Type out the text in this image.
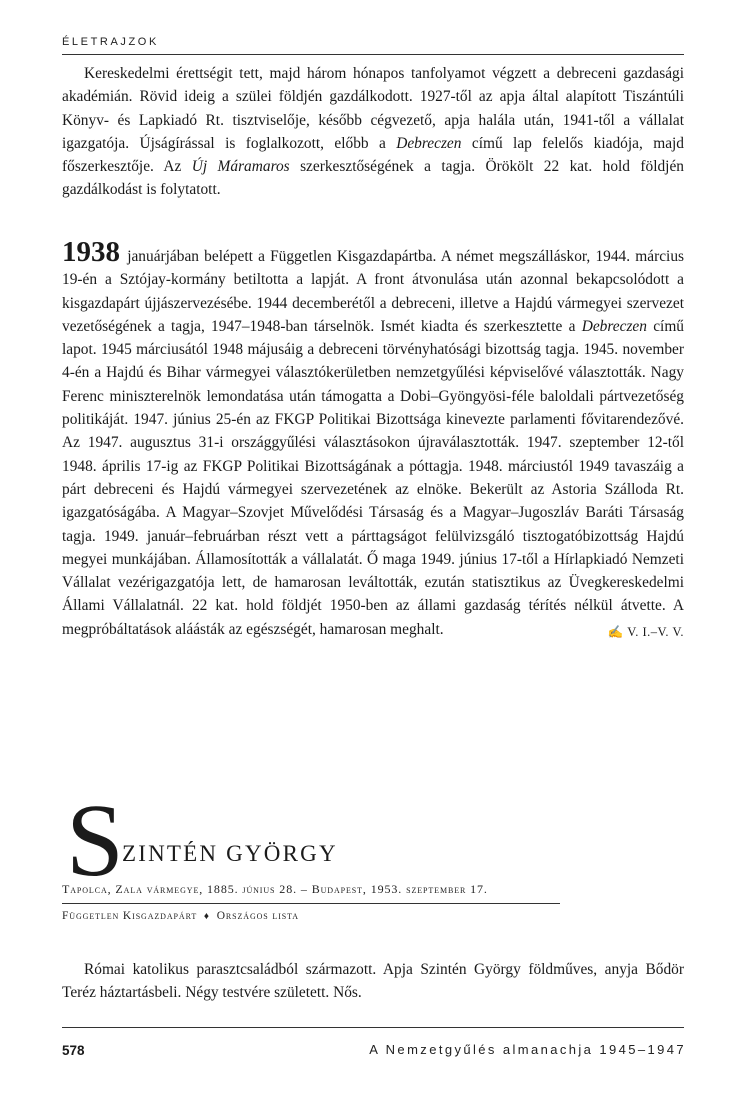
ÉLETRAJZOK

Kereskedelmi érettségit tett, majd három hónapos tanfolyamot végzett a debreceni gazdasági akadémián. Rövid ideig a szülei földjén gazdálkodott. 1927-től az apja által alapított Tiszántúli Könyv- és Lapkiadó Rt. tisztviselője, később cégvezető, apja halála után, 1941-től a vállalat igazgatója. Újságírással is foglalkozott, előbb a Debreczen című lap felelős kiadója, majd főszerkesztője. Az Új Máramaros szerkesztőségének a tagja. Örökölt 22 kat. hold földjén gazdálkodást is folytatott.

1938 januárjában belépett a Független Kisgazdapártba. A német megszálláskor, 1944. március 19-én a Sztójay-kormány betiltotta a lapját. A front átvonulása után azonnal bekapcsolódott a kisgazdapárt újjászervezésébe. 1944 decemberétől a debreceni, illetve a Hajdú vármegyei szervezet vezetőségének a tagja, 1947–1948-ban társelnök. Ismét kiadta és szerkesztette a Debreczen című lapot. 1945 márciusától 1948 májusáig a debreceni törvényhatósági bizottság tagja. 1945. november 4-én a Hajdú és Bihar vármegyei választókerületben nemzetgyűlési képviselővé választották. Nagy Ferenc miniszterelnök lemondatása után támogatta a Dobi–Gyöngyösi-féle baloldali pártvezetőség politikáját. 1947. június 25-én az FKGP Politikai Bizottsága kinevezte parlamenti fővitarendezővé. Az 1947. augusztus 31-i országgyűlési választásokon újraválasztották. 1947. szeptember 12-től 1948. április 17-ig az FKGP Politikai Bizottságának a póttagja. 1948. márciustól 1949 tavaszáig a párt debreceni és Hajdú vármegyei szervezetének az elnöke. Bekerült az Astoria Szálloda Rt. igazgatóságába. A Magyar–Szovjet Művelődési Társaság és a Magyar–Jugoszláv Baráti Társaság tagja. 1949. január–februárban részt vett a párttagságot felülvizsgáló tisztogatóbizottság Hajdú megyei munkájában. Államosították a vállalatát. Ő maga 1949. június 17-től a Hírlapkiadó Nemzeti Vállalat vezérigazgatója lett, de hamarosan leváltották, ezután statisztikus az Üvegkereskedelmi Állami Vállalatnál. 22 kat. hold földjét 1950-ben az állami gazdaság térítés nélkül átvette. A megpróbáltatások aláásták az egészségét, hamarosan meghalt.	✍ V. I.–V. V.

S
ZINTÉN GYÖRGY
Tapolca, Zala vármegye, 1885. június 28. – Budapest, 1953. szeptember 17.
Független Kisgazdapárt ♦ Országos lista

Római katolikus parasztcsaládból származott. Apja Szintén György földműves, anyja Bődör Teréz háztartásbeli. Négy testvére született. Nős.

578	A Nemzetgyűlés almanachja 1945–1947
